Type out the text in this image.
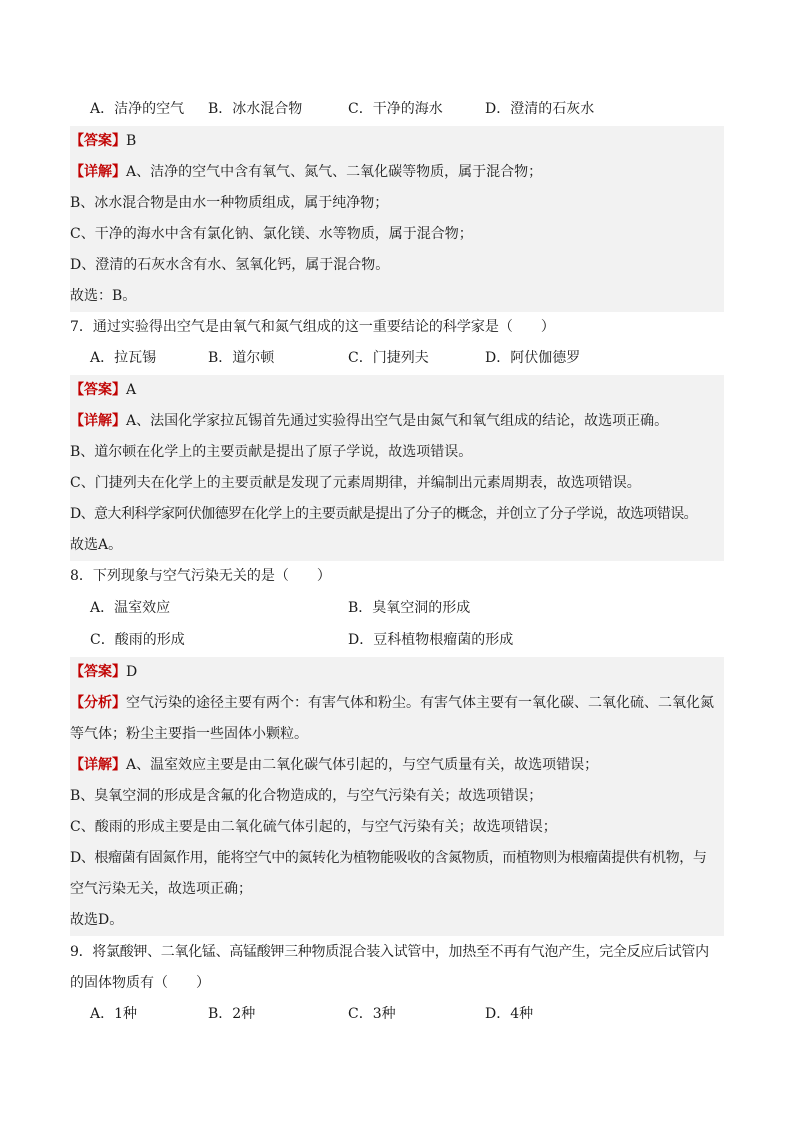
A．洁净的空气 B．冰水混合物	C．干净的海水	D．澄清的石灰水
【答案】B
【详解】A、洁净的空气中含有氧气、氮气、二氧化碳等物质，属于混合物；
B、冰水混合物是由水一种物质组成，属于纯净物；
C、干净的海水中含有氯化钠、氯化镁、水等物质，属于混合物；
D、澄清的石灰水含有水、氢氧化钙，属于混合物。
故选：B。
7．通过实验得出空气是由氧气和氮气组成的这一重要结论的科学家是（　　）
A．拉瓦锡	B．道尔顿	C．门捷列夫	D．阿伏伽德罗
【答案】A
【详解】A、法国化学家拉瓦锡首先通过实验得出空气是由氮气和氧气组成的结论，故选项正确。
B、道尔顿在化学上的主要贡献是提出了原子学说，故选项错误。
C、门捷列夫在化学上的主要贡献是发现了元素周期律，并编制出元素周期表，故选项错误。
D、意大利科学家阿伏伽德罗在化学上的主要贡献是提出了分子的概念，并创立了分子学说，故选项错误。
故选A。
8．下列现象与空气污染无关的是（　　）
A．温室效应	B．臭氧空洞的形成
C．酸雨的形成	D．豆科植物根瘤菌的形成
【答案】D
【分析】空气污染的途径主要有两个：有害气体和粉尘。有害气体主要有一氧化碳、二氧化硫、二氧化氮
等气体；粉尘主要指一些固体小颗粒。
【详解】A、温室效应主要是由二氧化碳气体引起的，与空气质量有关，故选项错误；
B、臭氧空洞的形成是含氟的化合物造成的，与空气污染有关；故选项错误；
C、酸雨的形成主要是由二氧化硫气体引起的，与空气污染有关；故选项错误；
D、根瘤菌有固氮作用，能将空气中的氮转化为植物能吸收的含氮物质，而植物则为根瘤菌提供有机物，与
空气污染无关，故选项正确；
故选D。
9．将氯酸钾、二氧化锰、高锰酸钾三种物质混合装入试管中，加热至不再有气泡产生，完全反应后试管内
的固体物质有（　　）
A．1种	B．2种	C．3种	D．4种
